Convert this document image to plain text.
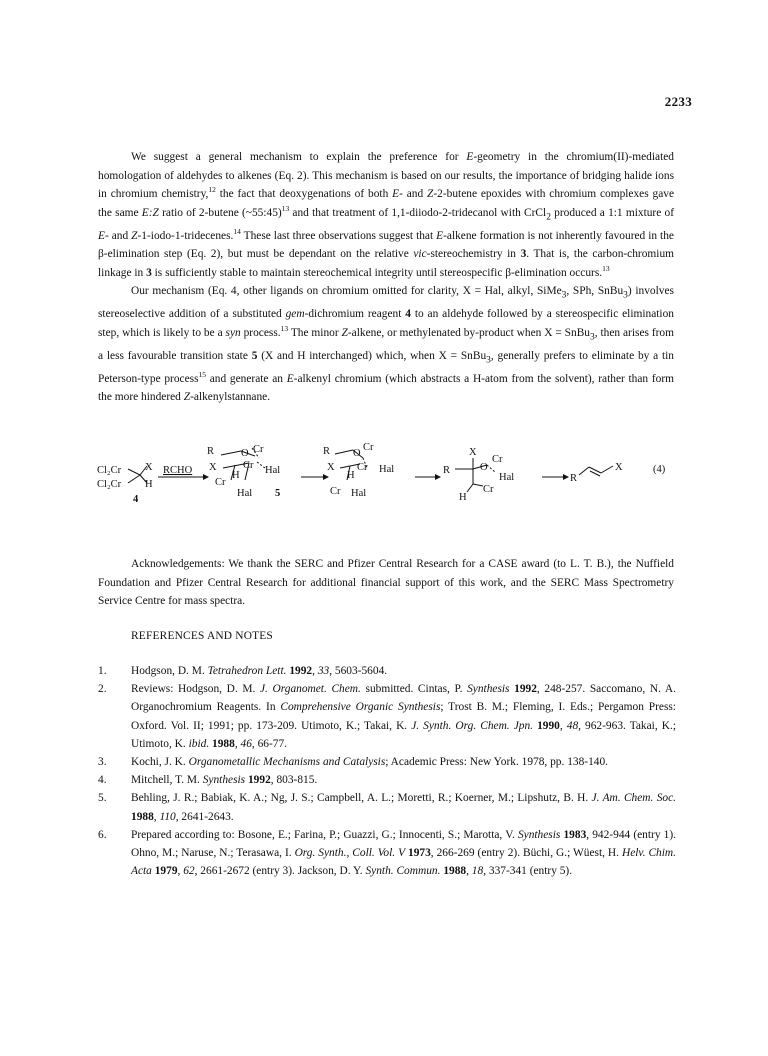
2233

We suggest a general mechanism to explain the preference for E-geometry in the chromium(II)-mediated homologation of aldehydes to alkenes (Eq. 2). This mechanism is based on our results, the importance of bridging halide ions in chromium chemistry,$^{12}$ the fact that deoxygenations of both E- and Z-2-butene epoxides with chromium complexes gave the same E:Z ratio of 2-butene (~55:45)$^{13}$ and that treatment of 1,1-diiodo-2-tridecanol with CrCl$_2$ produced a 1:1 mixture of E- and Z-1-iodo-1-tridecenes.$^{14}$ These last three observations suggest that E-alkene formation is not inherently favoured in the β-elimination step (Eq. 2), but must be dependant on the relative vic-stereochemistry in 3. That is, the carbon-chromium linkage in 3 is sufficiently stable to maintain stereochemical integrity until stereospecific β-elimination occurs.$^{13}$

Our mechanism (Eq. 4, other ligands on chromium omitted for clarity, X = Hal, alkyl, SiMe$_3$, SPh, SnBu$_3$) involves stereoselective addition of a substituted gem-dichromium reagent 4 to an aldehyde followed by a stereospecific elimination step, which is likely to be a syn process.$^{13}$ The minor Z-alkene, or methylenated by-product when X = SnBu$_3$, then arises from a less favourable transition state 5 (X and H interchanged) which, when X = SnBu$_3$, generally prefers to eliminate by a tin Peterson-type process$^{15}$ and generate an E-alkenyl chromium (which abstracts a H-atom from the solvent), rather than form the more hindered Z-alkenylstannane.

Cl₂Cr
Cl₂Cr
X
H
4
RCHO
R
X
O Cr
Cr Hal
Cr
H
Hal 5
R
X
O
Cr
Cr Hal
H
Cr Hal
X
R	O
Cr
Hal
Cr
H
R
X	(4)

Acknowledgements: We thank the SERC and Pfizer Central Research for a CASE award (to L. T. B.), the Nuffield Foundation and Pfizer Central Research for additional financial support of this work, and the SERC Mass Spectrometry Service Centre for mass spectra.

REFERENCES AND NOTES
1.	Hodgson, D. M. Tetrahedron Lett. 1992, 33, 5603-5604.
2.	Reviews: Hodgson, D. M. J. Organomet. Chem. submitted. Cintas, P. Synthesis 1992, 248-257. Saccomano, N. A. Organochromium Reagents. In Comprehensive Organic Synthesis; Trost B. M.; Fleming, I. Eds.; Pergamon Press: Oxford. Vol. II; 1991; pp. 173-209. Utimoto, K.; Takai, K. J. Synth. Org. Chem. Jpn. 1990, 48, 962-963. Takai, K.; Utimoto, K. ibid. 1988, 46, 66-77.
3.	Kochi, J. K. Organometallic Mechanisms and Catalysis; Academic Press: New York. 1978, pp. 138-140.
4.	Mitchell, T. M. Synthesis 1992, 803-815.
5.	Behling, J. R.; Babiak, K. A.; Ng, J. S.; Campbell, A. L.; Moretti, R.; Koerner, M.; Lipshutz, B. H. J. Am. Chem. Soc. 1988, 110, 2641-2643.
6.	Prepared according to: Bosone, E.; Farina, P.; Guazzi, G.; Innocenti, S.; Marotta, V. Synthesis 1983, 942-944 (entry 1). Ohno, M.; Naruse, N.; Terasawa, I. Org. Synth., Coll. Vol. V 1973, 266-269 (entry 2). Büchi, G.; Wüest, H. Helv. Chim. Acta 1979, 62, 2661-2672 (entry 3). Jackson, D. Y. Synth. Commun. 1988, 18, 337-341 (entry 5).
